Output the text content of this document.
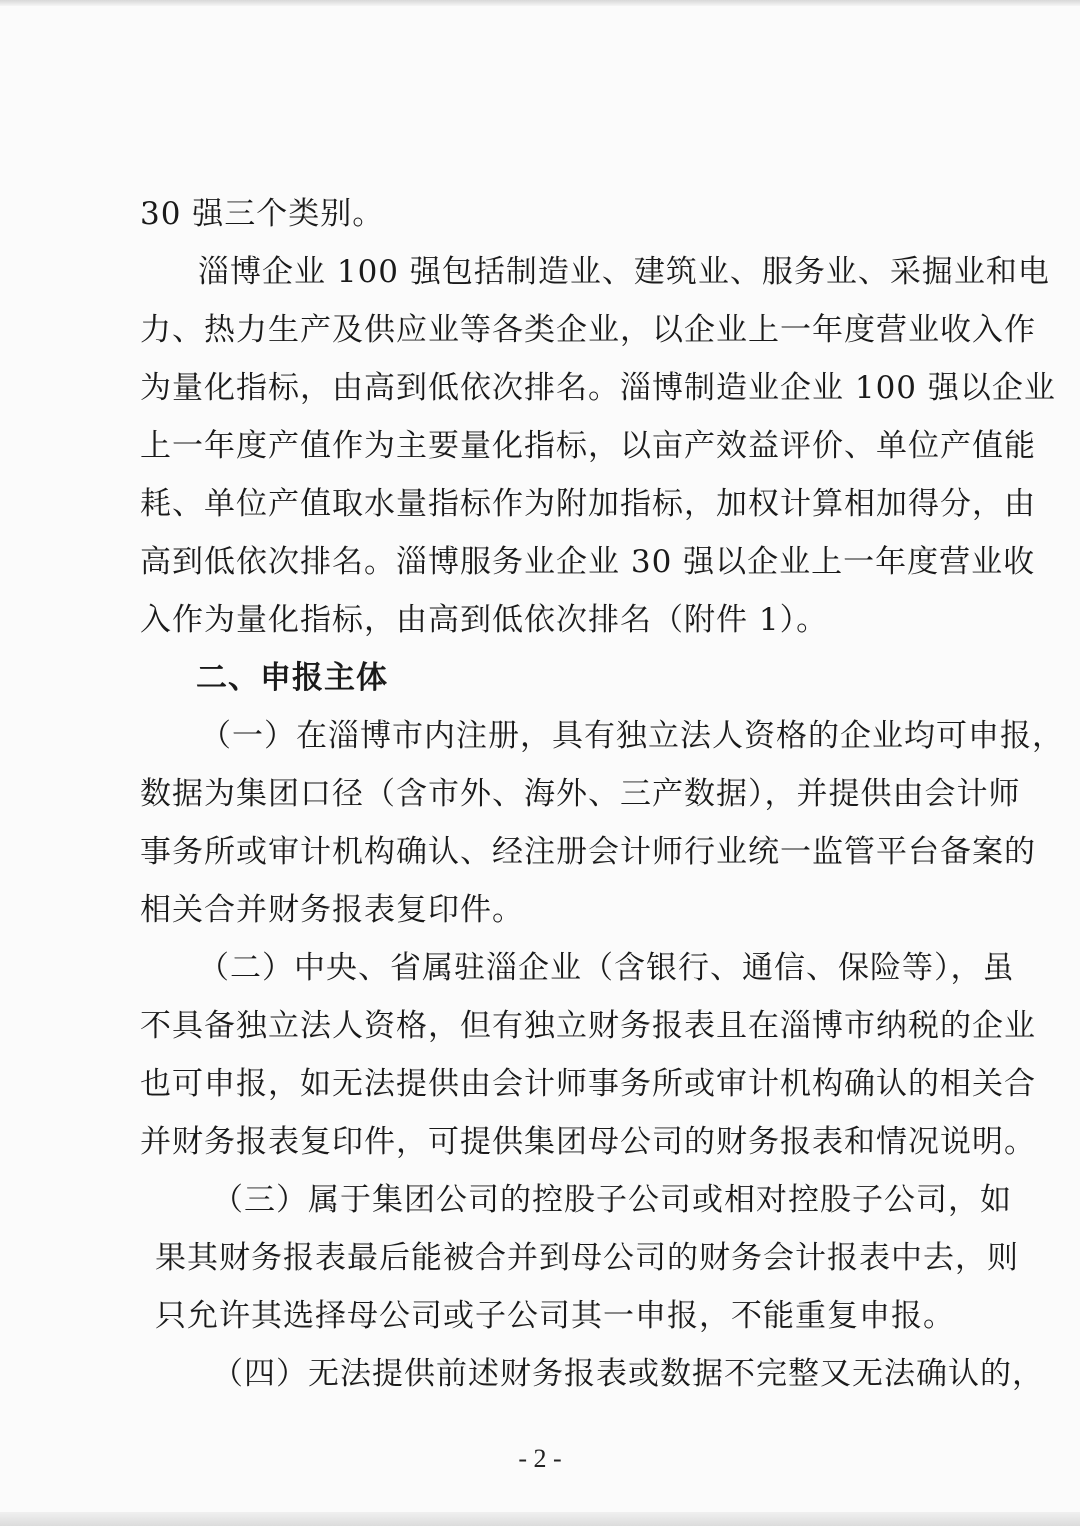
30 强三个类别。
淄博企业 100 强包括制造业、建筑业、服务业、采掘业和电
力、热力生产及供应业等各类企业，以企业上一年度营业收入作
为量化指标，由高到低依次排名。淄博制造业企业 100 强以企业
上一年度产值作为主要量化指标，以亩产效益评价、单位产值能
耗、单位产值取水量指标作为附加指标，加权计算相加得分，由
高到低依次排名。淄博服务业企业 30 强以企业上一年度营业收
入作为量化指标，由高到低依次排名（附件 1）。
二、申报主体
（一）在淄博市内注册，具有独立法人资格的企业均可申报，
数据为集团口径（含市外、海外、三产数据），并提供由会计师
事务所或审计机构确认、经注册会计师行业统一监管平台备案的
相关合并财务报表复印件。
（二）中央、省属驻淄企业（含银行、通信、保险等），虽
不具备独立法人资格，但有独立财务报表且在淄博市纳税的企业
也可申报，如无法提供由会计师事务所或审计机构确认的相关合
并财务报表复印件，可提供集团母公司的财务报表和情况说明。
（三）属于集团公司的控股子公司或相对控股子公司，如
果其财务报表最后能被合并到母公司的财务会计报表中去，则
只允许其选择母公司或子公司其一申报，不能重复申报。
（四）无法提供前述财务报表或数据不完整又无法确认的，
- 2 -
